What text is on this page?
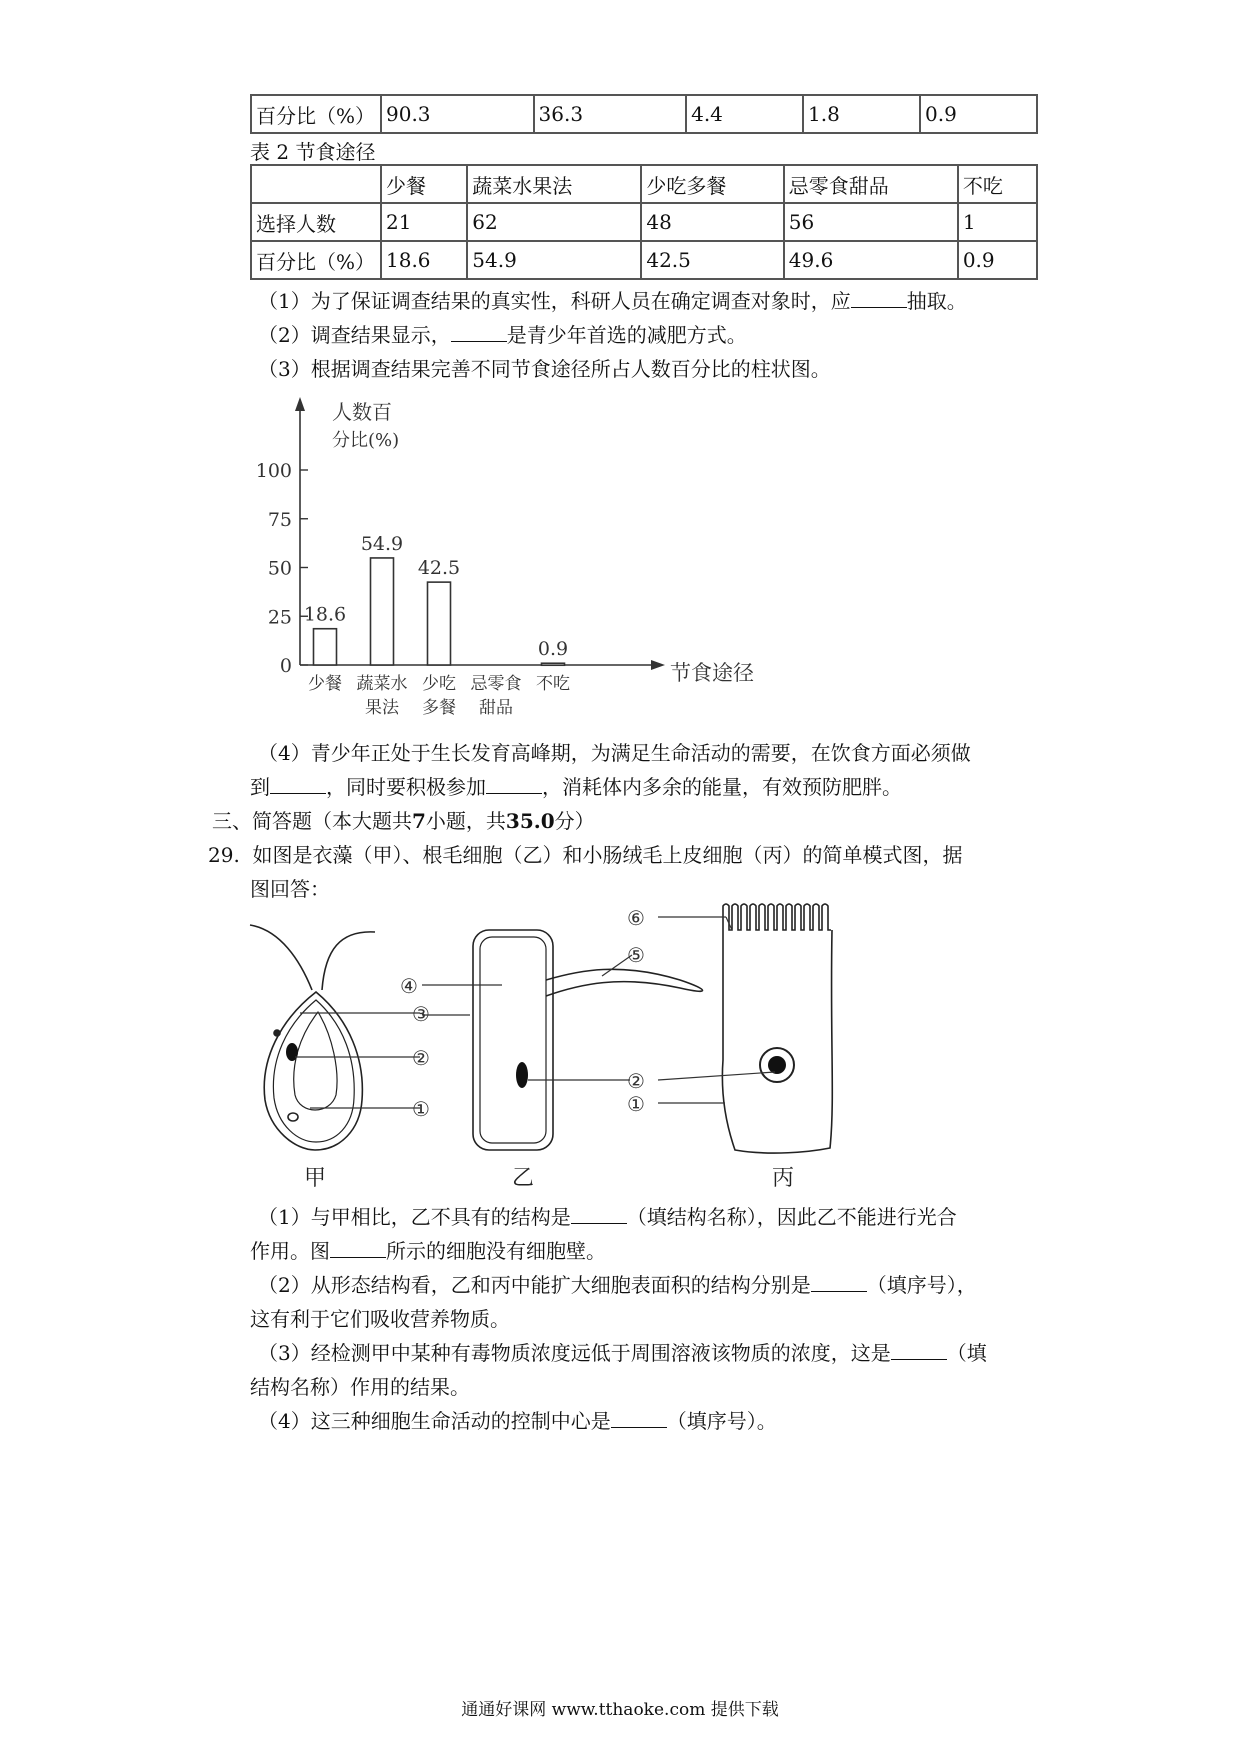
百分比（%）	90.3	36.3	4.4	1.8	0.9
表 2 节食途径
	少餐	蔬菜水果法	少吃多餐	忌零食甜品	不吃
选择人数	21	62	48	56	1
百分比（%）	18.6	54.9	42.5	49.6	0.9
（1）为了保证调查结果的真实性，科研人员在确定调查对象时，应	抽取。
（2）调查结果显示，	是青少年首选的减肥方式。
（3）根据调查结果完善不同节食途径所占人数百分比的柱状图。
人数百
分比(%)
节食途径
0
25
50
75
100
18.6
54.9
42.5
0.9
少餐 蔬菜水
果法
少吃
多餐
忌零食
甜品
不吃
（4）青少年正处于生长发育高峰期，为满足生命活动的需要，在饮食方面必须做
到	，同时要积极参加	，消耗体内多余的能量，有效预防肥胖。
三、简答题（本大题共7小题，共35.0分）
29. 如图是衣藻（甲）、根毛细胞（乙）和小肠绒毛上皮细胞（丙）的简单模式图，据
图回答：
③
②
①
④
⑤
⑥
②
①
甲	乙	丙
（1）与甲相比，乙不具有的结构是	（填结构名称），因此乙不能进行光合
作用。图	所示的细胞没有细胞壁。
（2）从形态结构看，乙和丙中能扩大细胞表面积的结构分别是	（填序号），
这有利于它们吸收营养物质。
（3）经检测甲中某种有毒物质浓度远低于周围溶液该物质的浓度，这是	（填
结构名称）作用的结果。
（4）这三种细胞生命活动的控制中心是	（填序号）。
通通好课网 www.tthaoke.com 提供下载
